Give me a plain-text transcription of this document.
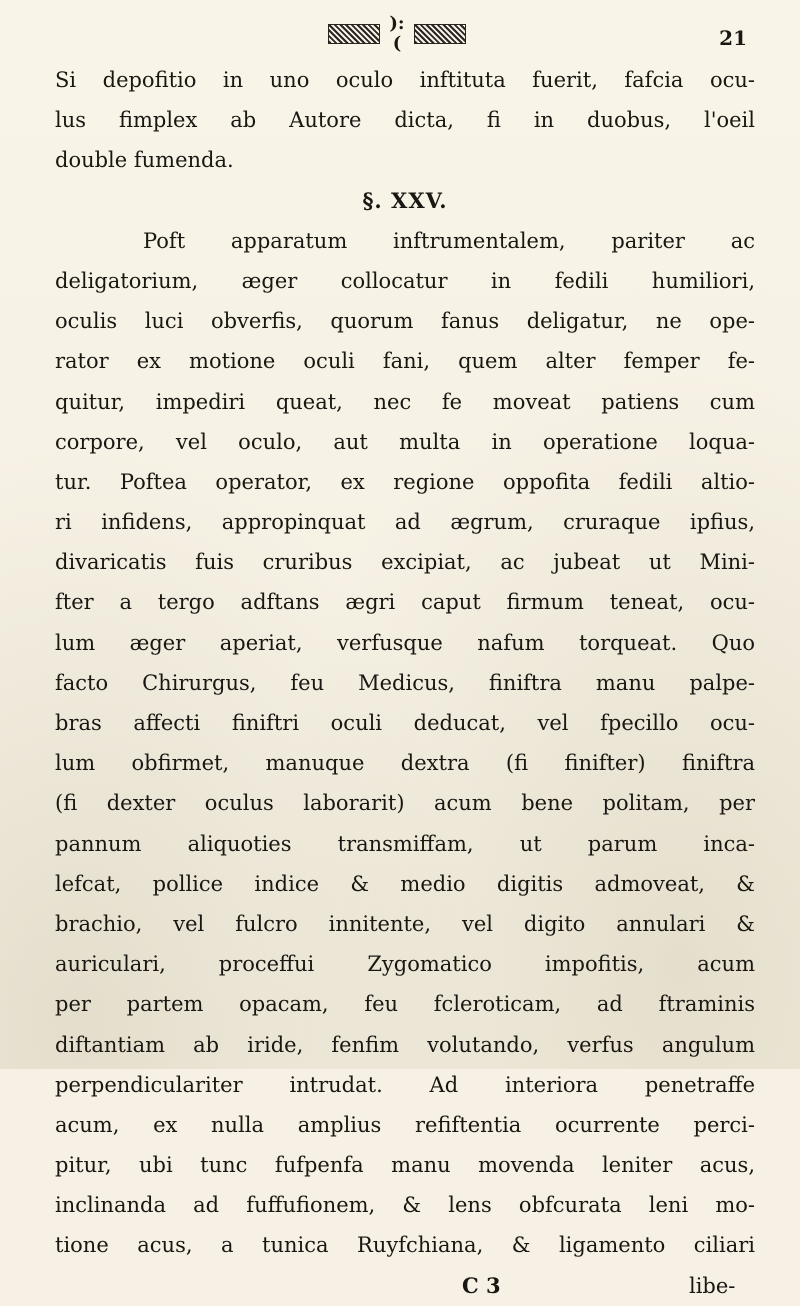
):(	21
Si depofitio in uno oculo inftituta fuerit, fafcia ocu-
lus fimplex ab Autore dicta, fi in duobus, l'oeil
double fumenda.
§. XXV.
Poft apparatum inftrumentalem, pariter ac
deligatorium, æger collocatur in fedili humiliori,
oculis luci obverfis, quorum fanus deligatur, ne ope-
rator ex motione oculi fani, quem alter femper fe-
quitur, impediri queat, nec fe moveat patiens cum
corpore, vel oculo, aut multa in operatione loqua-
tur. Poftea operator, ex regione oppofita fedili altio-
ri infidens, appropinquat ad ægrum, cruraque ipfius,
divaricatis fuis cruribus excipiat, ac jubeat ut Mini-
fter a tergo adftans ægri caput firmum teneat, ocu-
lum æger aperiat, verfusque nafum torqueat. Quo
facto Chirurgus, feu Medicus, finiftra manu palpe-
bras affecti finiftri oculi deducat, vel fpecillo ocu-
lum obfirmet, manuque dextra (fi finifter) finiftra
(fi dexter oculus laborarit) acum bene politam, per
pannum aliquoties transmiffam, ut parum inca-
lefcat, pollice indice & medio digitis admoveat, &
brachio, vel fulcro innitente, vel digito annulari &
auriculari, proceffui Zygomatico impofitis, acum
per partem opacam, feu fcleroticam, ad ftraminis
diftantiam ab iride, fenfim volutando, verfus angulum
perpendiculariter intrudat. Ad interiora penetraffe
acum, ex nulla amplius refiftentia ocurrente perci-
pitur, ubi tunc fufpenfa manu movenda leniter acus,
inclinanda ad fuffufionem, & lens obfcurata leni mo-
tione acus, a tunica Ruyfchiana, & ligamento ciliari
C 3	libe-
